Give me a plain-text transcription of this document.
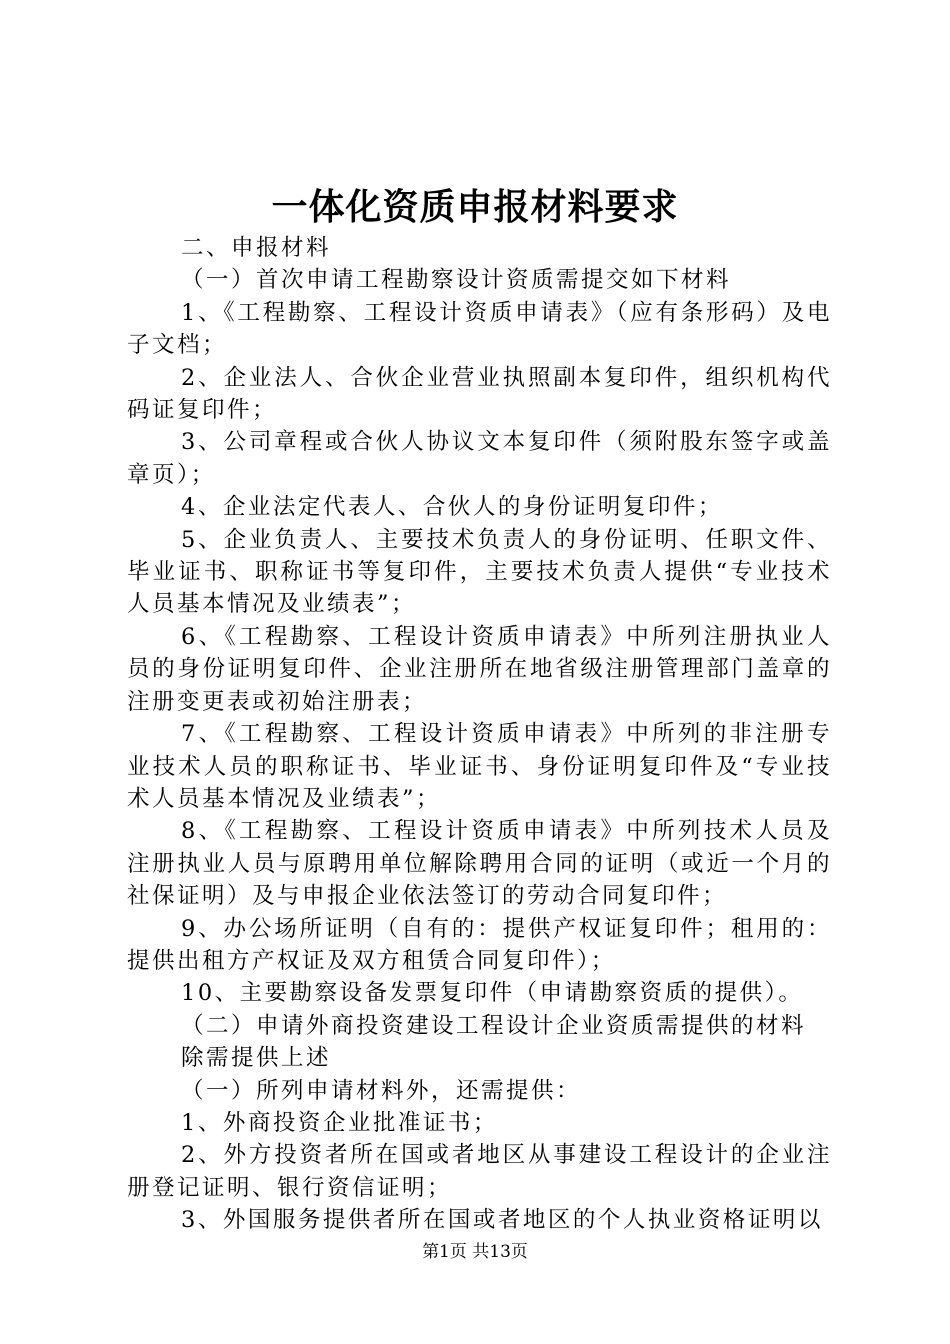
一体化资质申报材料要求

二、申报材料

（一）首次申请工程勘察设计资质需提交如下材料

1、《工程勘察、工程设计资质申请表》（应有条形码）及电子文档；

2、企业法人、合伙企业营业执照副本复印件，组织机构代码证复印件；

3、公司章程或合伙人协议文本复印件（须附股东签字或盖章页）；

4、企业法定代表人、合伙人的身份证明复印件；

5、企业负责人、主要技术负责人的身份证明、任职文件、毕业证书、职称证书等复印件，主要技术负责人提供“专业技术人员基本情况及业绩表”；

6、《工程勘察、工程设计资质申请表》中所列注册执业人员的身份证明复印件、企业注册所在地省级注册管理部门盖章的注册变更表或初始注册表；

7、《工程勘察、工程设计资质申请表》中所列的非注册专业技术人员的职称证书、毕业证书、身份证明复印件及“专业技术人员基本情况及业绩表”；

8、《工程勘察、工程设计资质申请表》中所列技术人员及注册执业人员与原聘用单位解除聘用合同的证明（或近一个月的社保证明）及与申报企业依法签订的劳动合同复印件；

9、办公场所证明（自有的：提供产权证复印件；租用的：提供出租方产权证及双方租赁合同复印件）；

10、主要勘察设备发票复印件（申请勘察资质的提供）。

（二）申请外商投资建设工程设计企业资质需提供的材料

除需提供上述

（一）所列申请材料外，还需提供：

1、外商投资企业批准证书；

2、外方投资者所在国或者地区从事建设工程设计的企业注册登记证明、银行资信证明；

3、外国服务提供者所在国或者地区的个人执业资格证明以

第1页 共13页
